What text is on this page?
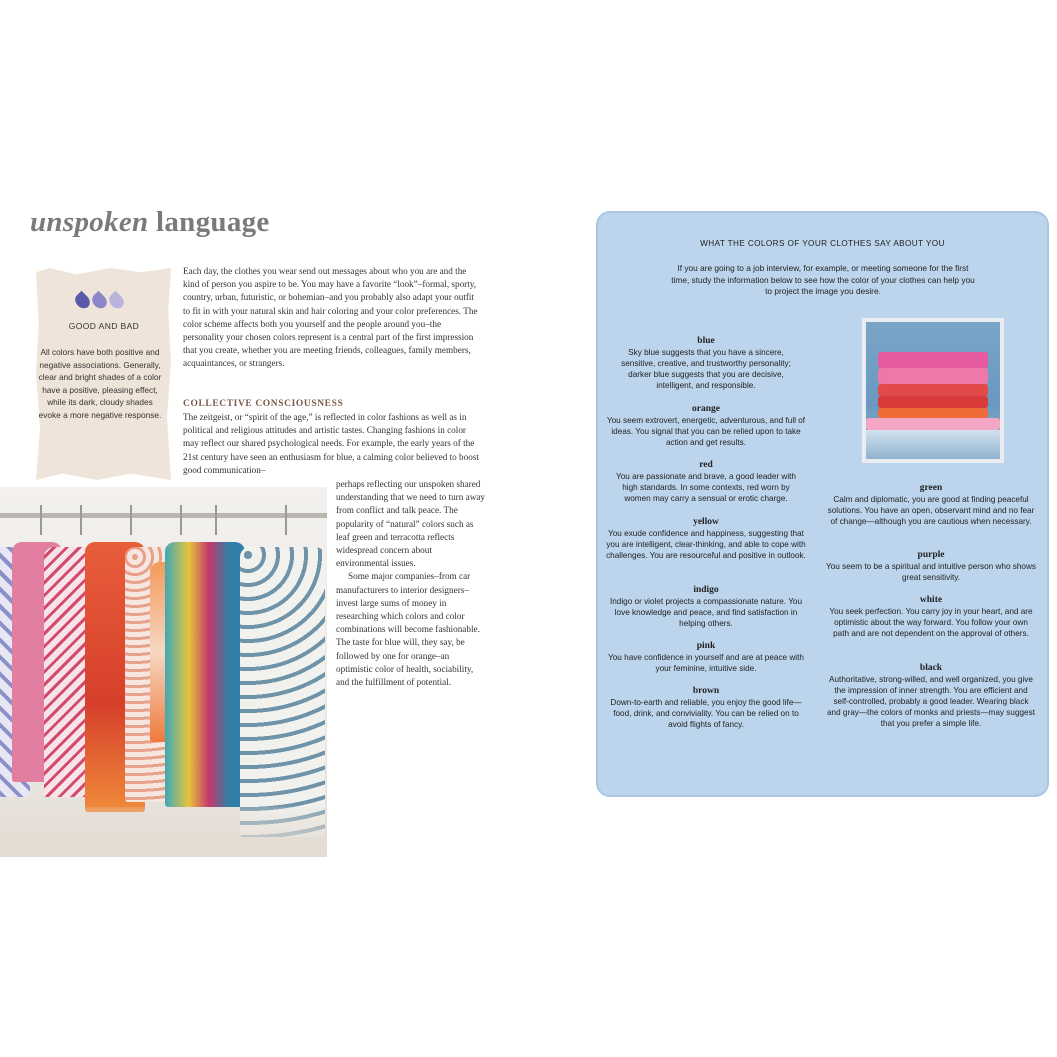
unspoken language
GOOD AND BAD
All colors have both positive and negative associations. Generally, clear and bright shades of a color have a positive, pleasing effect, while its dark, cloudy shades evoke a more negative response.
Each day, the clothes you wear send out messages about who you are and the kind of person you aspire to be. You may have a favorite “look”–formal, sporty, country, urban, futuristic, or bohemian–and you probably also adapt your outfit to fit in with your natural skin and hair coloring and your color preferences. The color scheme affects both you yourself and the people around you–the personality your chosen colors represent is a central part of the first impression that you create, whether you are meeting friends, colleagues, family members, acquaintances, or strangers.
COLLECTIVE CONSCIOUSNESS
The zeitgeist, or “spirit of the age,” is reflected in color fashions as well as in political and religious attitudes and artistic tastes. Changing fashions in color may reflect our shared psychological needs. For example, the early years of the 21st century have seen an enthusiasm for blue, a calming color believed to boost good communication–
perhaps reflecting our unspoken shared understanding that we need to turn away from conflict and talk peace. The popularity of “natural” colors such as leaf green and terracotta reflects widespread concern about environmental issues.
Some major companies–from car manufacturers to interior designers–invest large sums of money in researching which colors and color combinations will become fashionable. The taste for blue will, they say, be followed by one for orange–an optimistic color of health, sociability, and the fulfillment of potential.
WHAT THE COLORS OF YOUR CLOTHES SAY ABOUT YOU
If you are going to a job interview, for example, or meeting someone for the first time, study the information below to see how the color of your clothes can help you to project the image you desire.
blue
Sky blue suggests that you have a sincere, sensitive, creative, and trustworthy personality; darker blue suggests that you are decisive, intelligent, and responsible.
orange
You seem extrovert, energetic, adventurous, and full of ideas. You signal that you can be relied upon to take action and get results.
red
You are passionate and brave, a good leader with high standards. In some contexts, red worn by women may carry a sensual or erotic charge.
yellow
You exude confidence and happiness, suggesting that you are intelligent, clear-thinking, and able to cope with challenges. You are resourceful and positive in outlook.
indigo
Indigo or violet projects a compassionate nature. You love knowledge and peace, and find satisfaction in helping others.
pink
You have confidence in yourself and are at peace with your feminine, intuitive side.
brown
Down-to-earth and reliable, you enjoy the good life—food, drink, and conviviality. You can be relied on to avoid flights of fancy.
green
Calm and diplomatic, you are good at finding peaceful solutions. You have an open, observant mind and no fear of change—although you are cautious when necessary.
purple
You seem to be a spiritual and intuitive person who shows great sensitivity.
white
You seek perfection. You carry joy in your heart, and are optimistic about the way forward. You follow your own path and are not dependent on the approval of others.
black
Authoritative, strong-willed, and well organized, you give the impression of inner strength. You are efficient and self-controlled, probably a good leader. Wearing black and gray—the colors of monks and priests—may suggest that you prefer a simple life.
